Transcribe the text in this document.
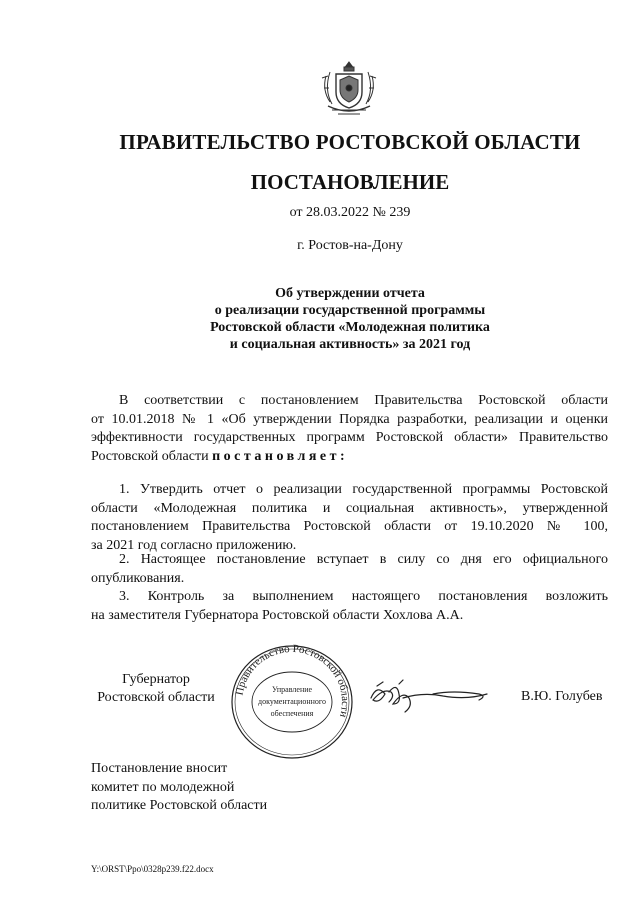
ПРАВИТЕЛЬСТВО РОСТОВСКОЙ ОБЛАСТИ
ПОСТАНОВЛЕНИЕ
от 28.03.2022 № 239
г. Ростов-на-Дону
Об утверждении отчета
о реализации государственной программы
Ростовской области «Молодежная политика
и социальная активность» за 2021 год
В соответствии с постановлением Правительства Ростовской области
от 10.01.2018 № 1 «Об утверждении Порядка разработки, реализации и оценки
эффективности государственных программ Ростовской области» Правительство
Ростовской области постановляет:
1. Утвердить отчет о реализации государственной программы Ростовской
области «Молодежная политика и социальная активность», утвержденной
постановлением Правительства Ростовской области от 19.10.2020 № 100,
за 2021 год согласно приложению.
2. Настоящее постановление вступает в силу со дня его официального
опубликования.
3. Контроль за выполнением настоящего постановления возложить
на заместителя Губернатора Ростовской области Хохлова А.А.
Губернатор
Ростовской области	Правительство Ростовской области
Управление
документационного
обеспечения
В.Ю. Голубев
Постановление вносит
комитет по молодежной
политике Ростовской области
Y:\ORST\Ppo\0328p239.f22.docx
